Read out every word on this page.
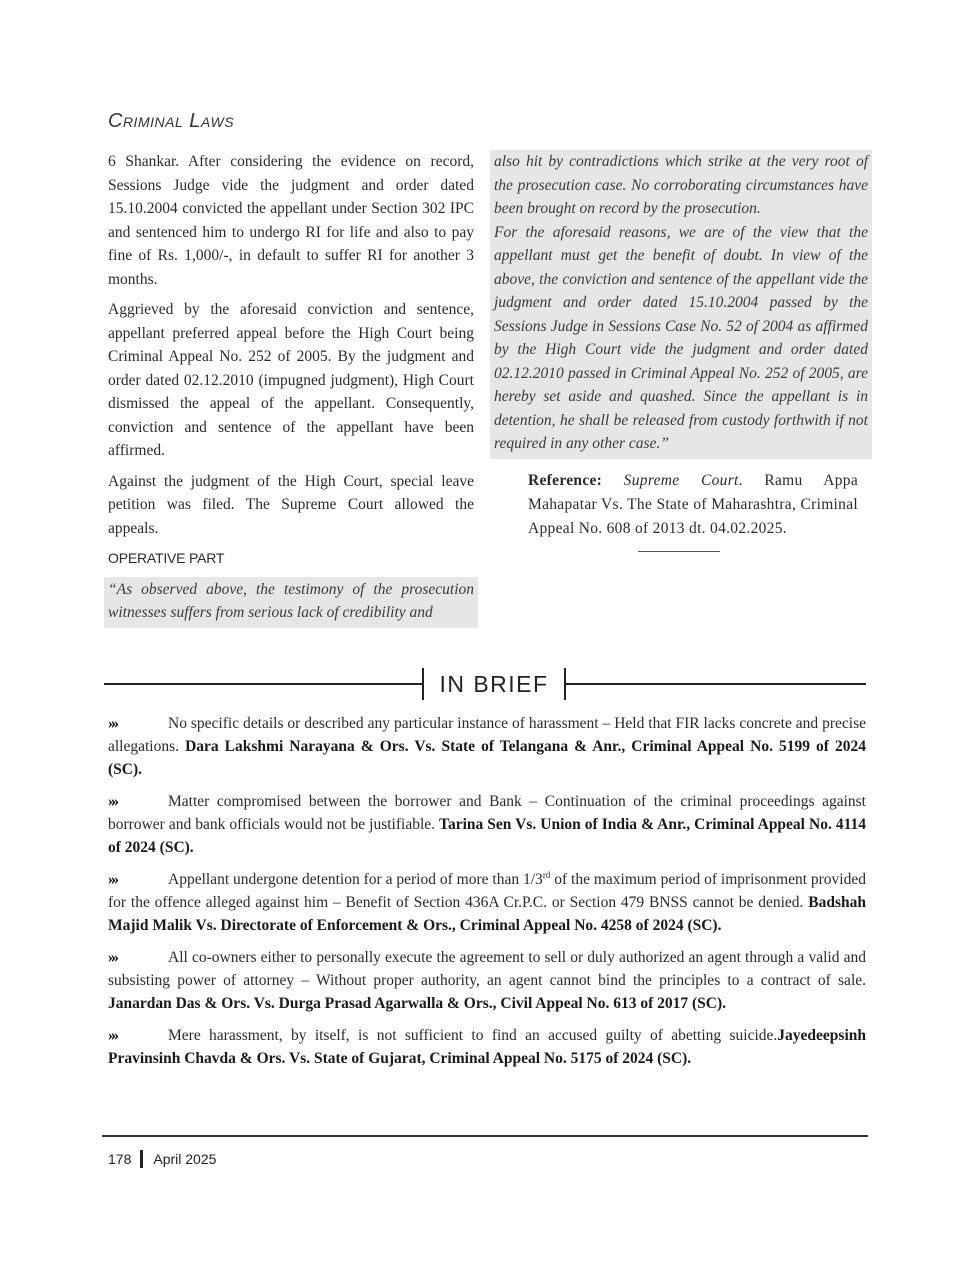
Criminal Laws

6 Shankar. After considering the evidence on record, Sessions Judge vide the judgment and order dated 15.10.2004 convicted the appellant under Section 302 IPC and sentenced him to undergo RI for life and also to pay fine of Rs. 1,000/-, in default to suffer RI for another 3 months.

Aggrieved by the aforesaid conviction and sentence, appellant preferred appeal before the High Court being Criminal Appeal No. 252 of 2005. By the judgment and order dated 02.12.2010 (impugned judgment), High Court dismissed the appeal of the appellant. Consequently, conviction and sentence of the appellant have been affirmed.

Against the judgment of the High Court, special leave petition was filed. The Supreme Court allowed the appeals.

OPERATIVE PART
“As observed above, the testimony of the prosecution witnesses suffers from serious lack of credibility and

also hit by contradictions which strike at the very root of the prosecution case. No corroborating circumstances have been brought on record by the prosecution.

For the aforesaid reasons, we are of the view that the appellant must get the benefit of doubt. In view of the above, the conviction and sentence of the appellant vide the judgment and order dated 15.10.2004 passed by the Sessions Judge in Sessions Case No. 52 of 2004 as affirmed by the High Court vide the judgment and order dated 02.12.2010 passed in Criminal Appeal No. 252 of 2005, are hereby set aside and quashed. Since the appellant is in detention, he shall be released from custody forthwith if not required in any other case.”

Reference: Supreme Court. Ramu Appa Mahapatar Vs. The State of Maharashtra, Criminal Appeal No. 608 of 2013 dt. 04.02.2025.
IN BRIEF
»»	No specific details or described any particular instance of harassment – Held that FIR lacks concrete and precise allegations. Dara Lakshmi Narayana & Ors. Vs. State of Telangana & Anr., Criminal Appeal No. 5199 of 2024 (SC).
»»	Matter compromised between the borrower and Bank – Continuation of the criminal proceedings against borrower and bank officials would not be justifiable. Tarina Sen Vs. Union of India & Anr., Criminal Appeal No. 4114 of 2024 (SC).
»»	Appellant undergone detention for a period of more than 1/3rd of the maximum period of imprisonment provided for the offence alleged against him – Benefit of Section 436A Cr.P.C. or Section 479 BNSS cannot be denied. Badshah Majid Malik Vs. Directorate of Enforcement & Ors., Criminal Appeal No. 4258 of 2024 (SC).
»»	All co-owners either to personally execute the agreement to sell or duly authorized an agent through a valid and subsisting power of attorney – Without proper authority, an agent cannot bind the principles to a contract of sale. Janardan Das & Ors. Vs. Durga Prasad Agarwalla & Ors., Civil Appeal No. 613 of 2017 (SC).
»»	Mere harassment, by itself, is not sufficient to find an accused guilty of abetting suicide.Jayedeepsinh Pravinsinh Chavda & Ors. Vs. State of Gujarat, Criminal Appeal No. 5175 of 2024 (SC).
178 April 2025
